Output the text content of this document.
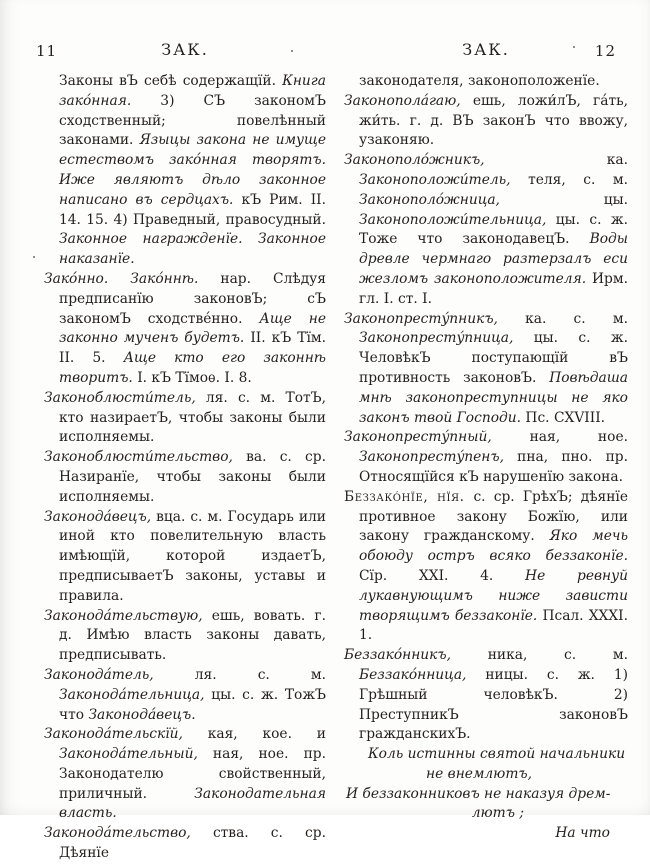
11	ЗАК.	ЗАК.	12

Законы вЪ себѣ содержащїй. Книга закóнная. 3) СЪ закономЪ сходственный; повелѣнный законами. Языцы закона не имуще естествомъ закóнная творятъ. Иже являютъ дѣло законное написано въ сердцахъ. кЪ Рим. II. 14. 15. 4) Праведный, правосудный. Законное награжденїе. Законное наказанїе.

Закóнно. Закóннѣ. нар. Слѣдуя предписанїю законовЪ; сЪ закономЪ сходствéнно. Аще не законно мученъ будетъ. II. кЪ Тїм. II. 5. Аще кто его законнѣ творитъ. I. кЪ Тїмоѳ. I. 8.

Законоблюсти́тель, ля. с. м. ТотЪ, кто назираетЪ, чтобы законы были исполняемы.

Законоблюсти́тельство, ва. с. ср. Назиранїе, чтобы законы были исполняемы.

Законодáвецъ, вца. с. м. Государь или иной кто повелительную власть имѣющїй, которой издаетЪ, предписываетЪ законы, уставы и правила.

Законодáтельствую, ешь, вовать. г. д. Имѣю власть законы давать, предписывать.

Законодáтель, ля. с. м. Законодáтельница, цы. с. ж. ТожЪ что Законодáвецъ.

Законодáтельскїй, кая, кое. и Законодáтельный, ная, ное. пр. Законодателю свойственный, приличный. Законодательная власть.

Законодáтельство, ства. с. ср. Дѣянїе

законодателя, законоположенїе.

Законополáгаю, ешь, ложи́лЪ, гáть, жи́ть. г. д. ВЪ законЪ что ввожу, узаконяю.

Законополóжникъ, ка. Законоположи́тель, теля, с. м. Законополóжница, цы. Законоположи́тельница, цы. с. ж. Тоже что законодавецЪ. Воды древле чермнаго разтерзалъ еси жезломъ законоположителя. Ирм. гл. I. ст. I.

Законопрестýпникъ, ка. с. м. Законопрестýпница, цы. с. ж. ЧеловѣкЪ поступающїй вЪ противность законовЪ. Повѣдаша мнѣ законопреступницы не яко законъ твой Господи. Пс. CXVIII.

Законопрестýпный, ная, ное. Законопрестýпенъ, пна, пно. пр. Относящїйся кЪ нарушенїю закона.

Беззакóнїе, нїя. с. ср. ГрѣхЪ; дѣянїе противное закону Божїю, или закону гражданскому. Яко мечь обоюду остръ всяко беззаконїе. Сїр. XXI. 4. Не ревнуй лукавнующимъ ниже зависти творящимъ беззаконїе. Псал. XXXI. 1.

Беззакóнникъ, ника, с. м. Беззакóнница, ницы. с. ж. 1) Грѣшный человѣкЪ. 2) ПреступникЪ законовЪ гражданскихЪ.

Коль истинны святой начальники

не внемлютъ,

И беззаконниковъ не наказуя дрем-

лютъ ;

На что
